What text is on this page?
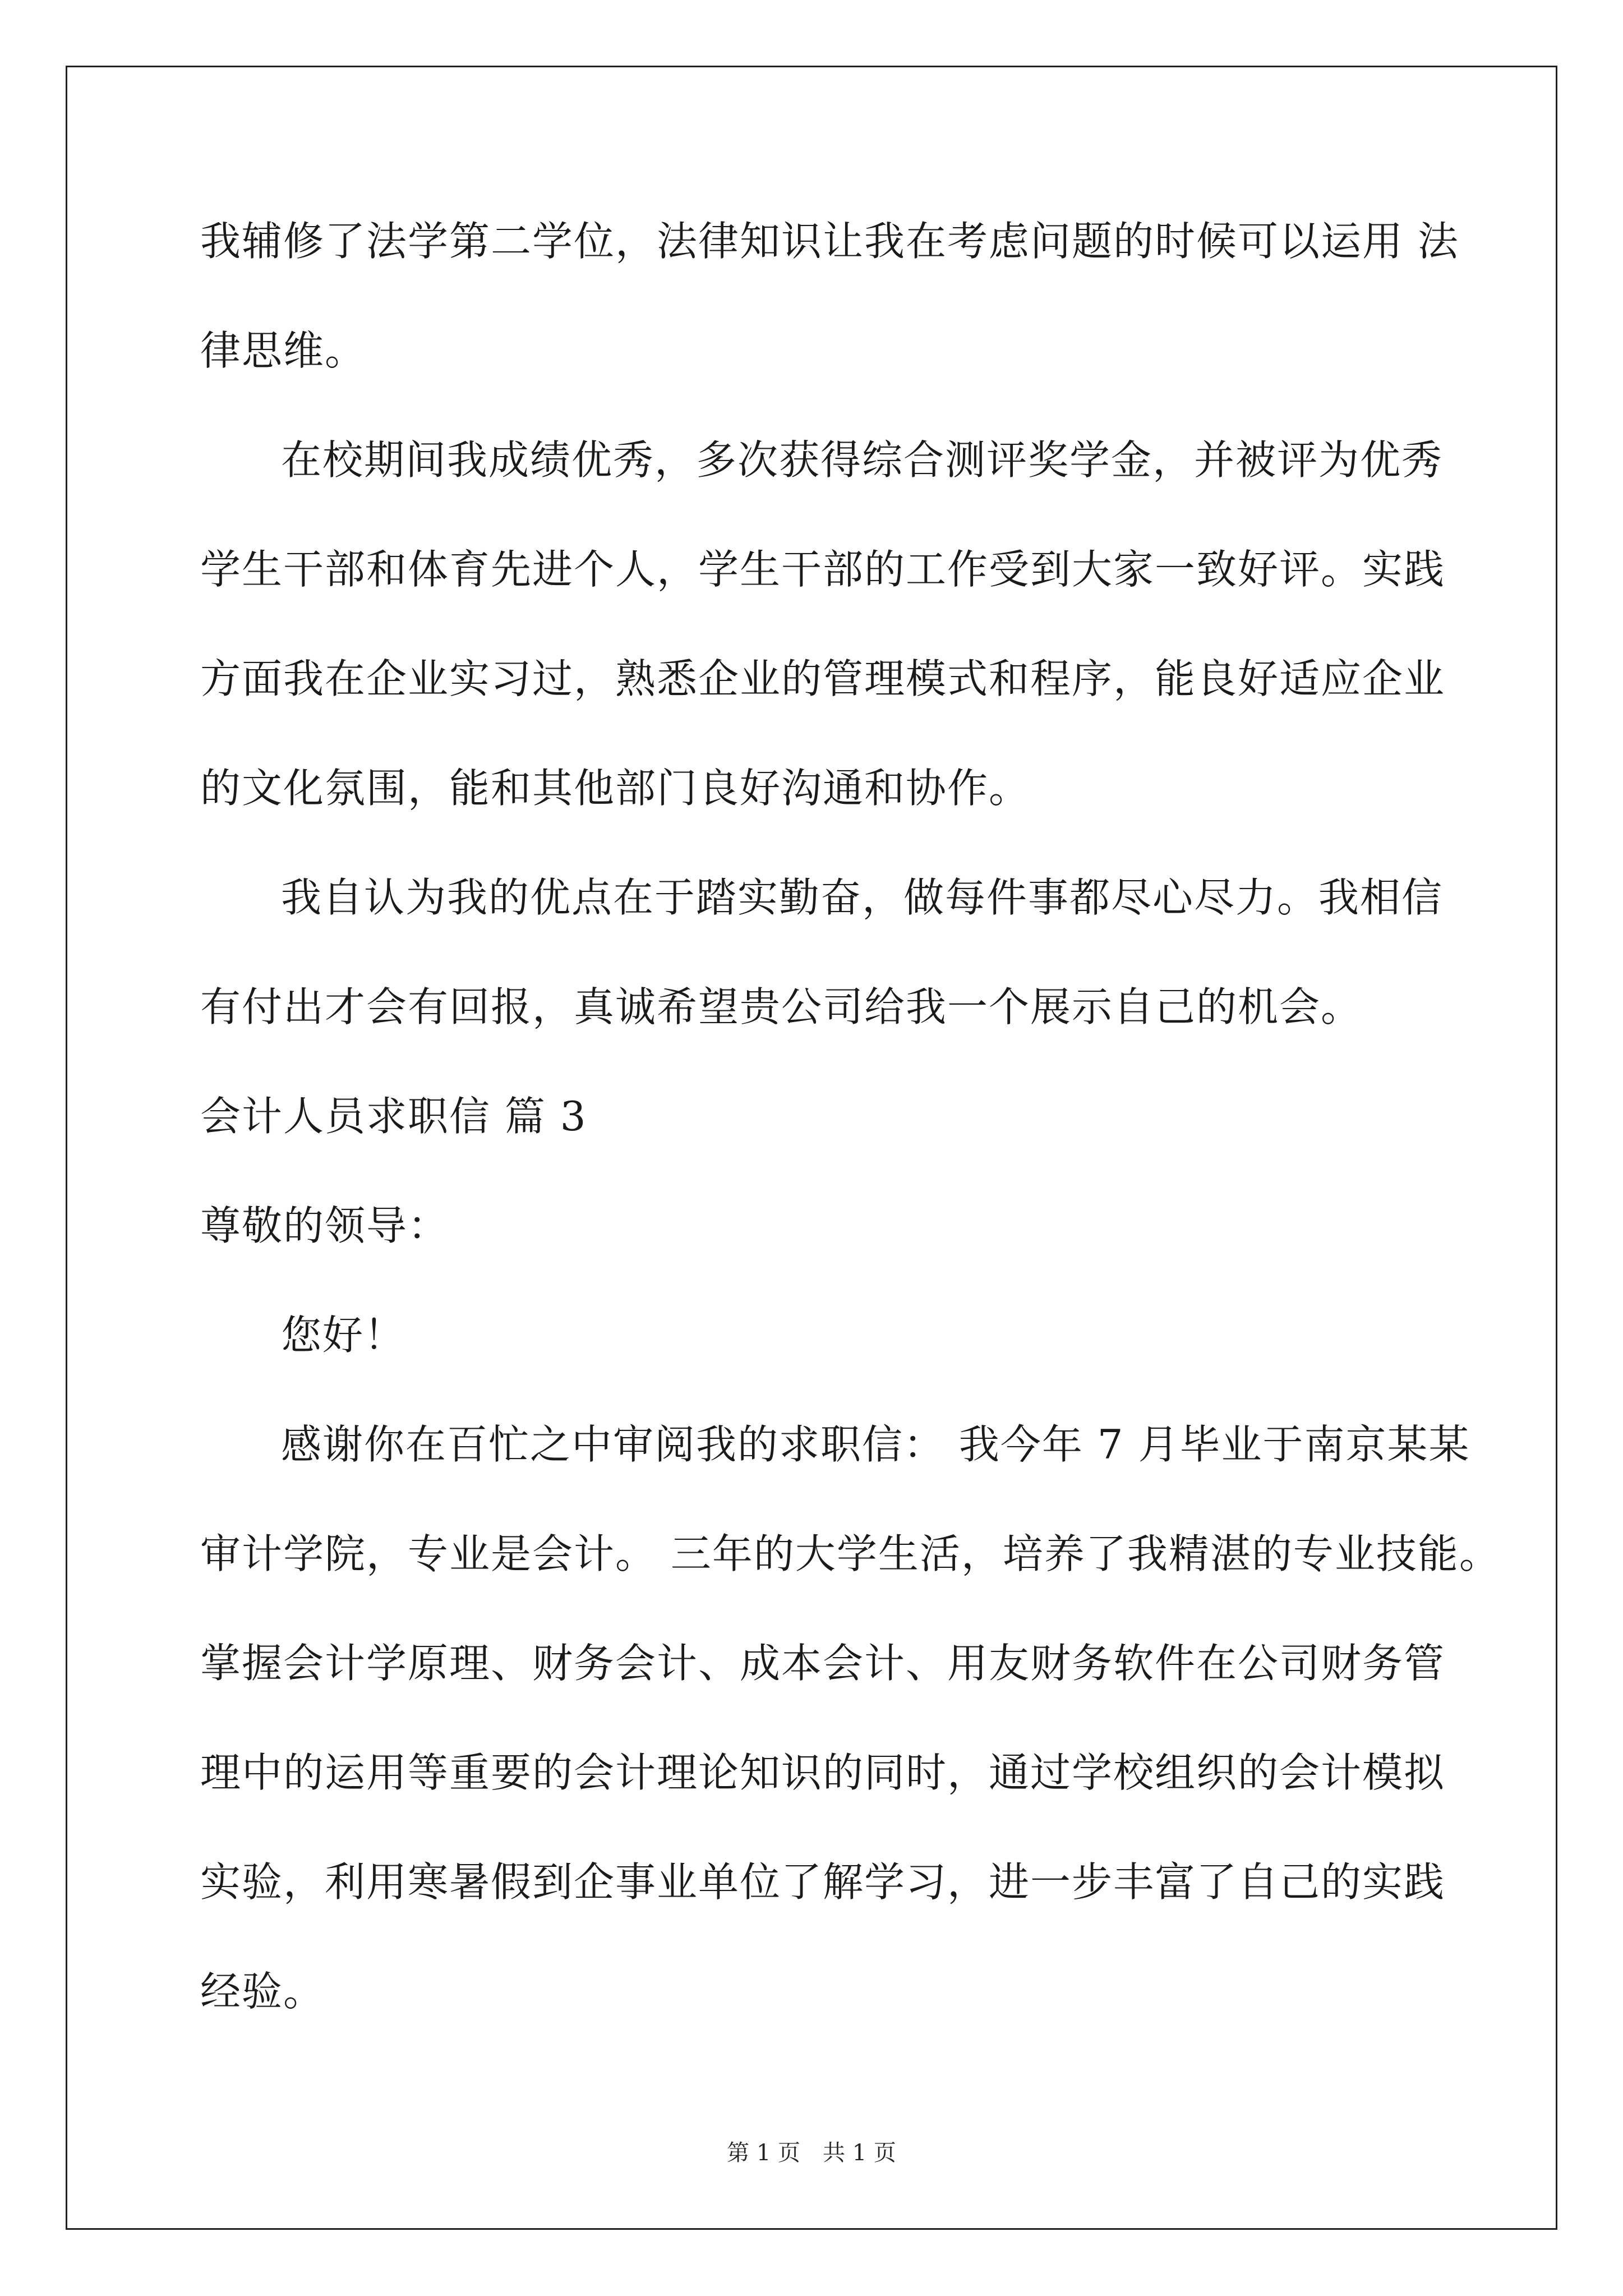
我辅修了法学第二学位，法律知识让我在考虑问题的时候可以运用 法
律思维。
在校期间我成绩优秀，多次获得综合测评奖学金，并被评为优秀
学生干部和体育先进个人，学生干部的工作受到大家一致好评。实践
方面我在企业实习过，熟悉企业的管理模式和程序，能良好适应企业
的文化氛围，能和其他部门良好沟通和协作。
我自认为我的优点在于踏实勤奋，做每件事都尽心尽力。我相信
有付出才会有回报，真诚希望贵公司给我一个展示自己的机会。
会计人员求职信 篇 3
尊敬的领导：
您好！
感谢你在百忙之中审阅我的求职信： 我今年 7 月毕业于南京某某
审计学院，专业是会计。 三年的大学生活，培养了我精湛的专业技能。
掌握会计学原理、财务会计、成本会计、用友财务软件在公司财务管
理中的运用等重要的会计理论知识的同时，通过学校组织的会计模拟
实验，利用寒暑假到企事业单位了解学习，进一步丰富了自己的实践
经验。
第 1 页 共 1 页
